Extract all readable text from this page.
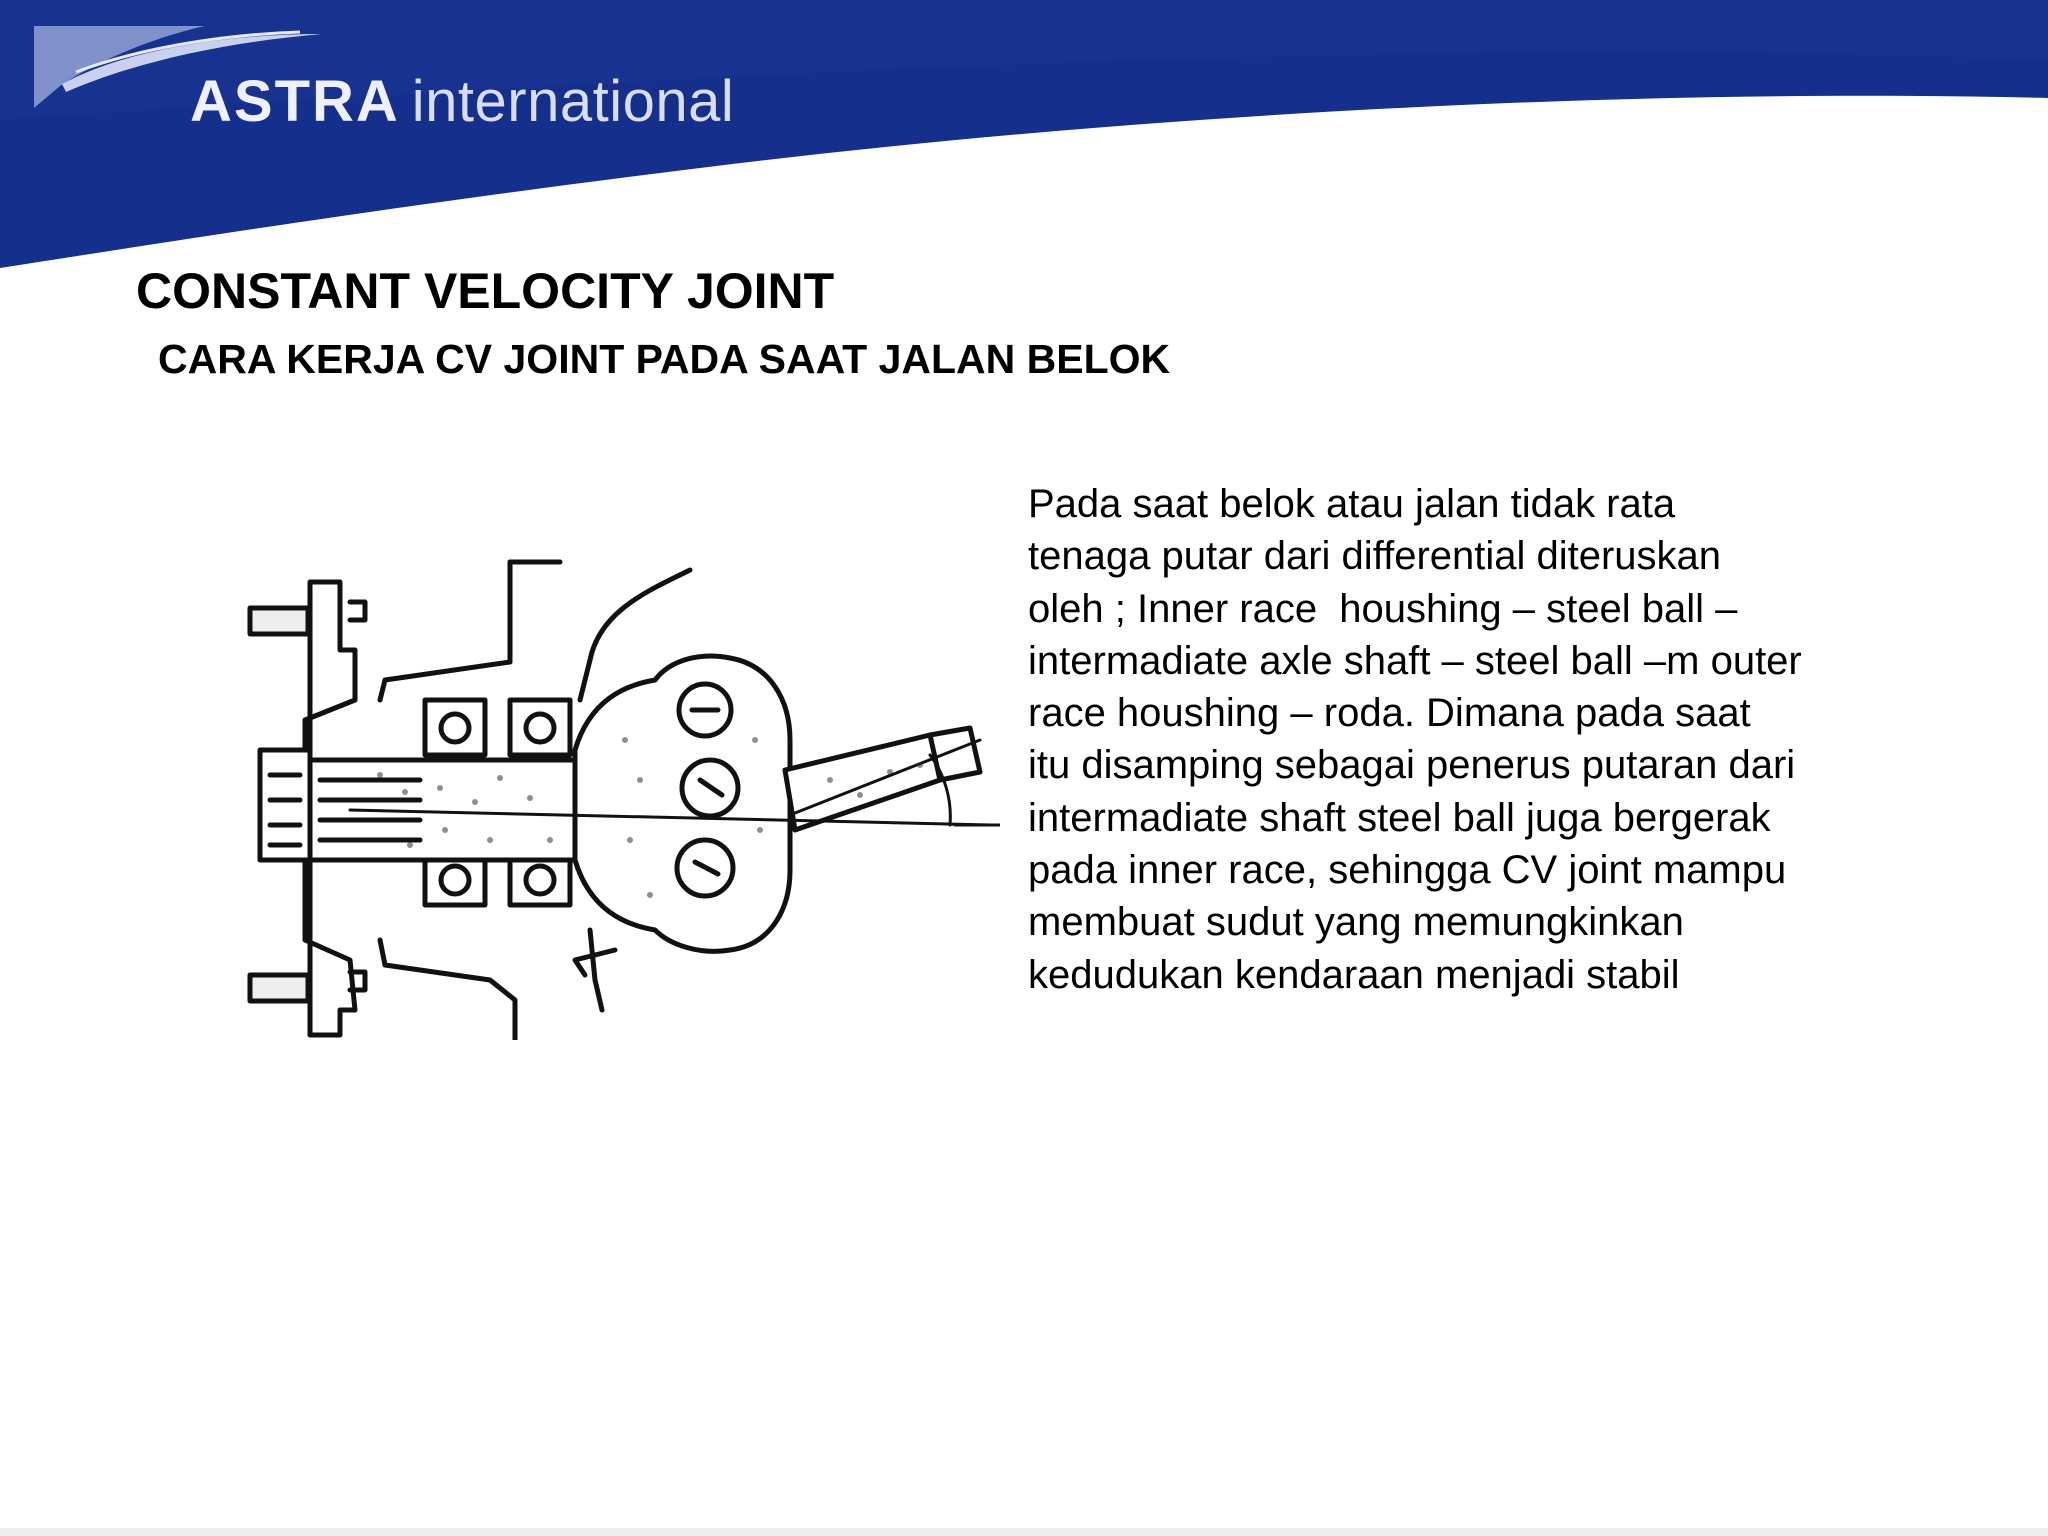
ASTRA international
CONSTANT VELOCITY JOINT
CARA KERJA CV JOINT PADA SAAT JALAN BELOK
Pada saat belok atau jalan tidak rata
tenaga putar dari differential diteruskan
oleh ; Inner race  houshing – steel ball –
intermadiate axle shaft – steel ball –m outer
race houshing – roda. Dimana pada saat
itu disamping sebagai penerus putaran dari
intermadiate shaft steel ball juga bergerak
pada inner race, sehingga CV joint mampu
membuat sudut yang memungkinkan
kedudukan kendaraan menjadi stabil
